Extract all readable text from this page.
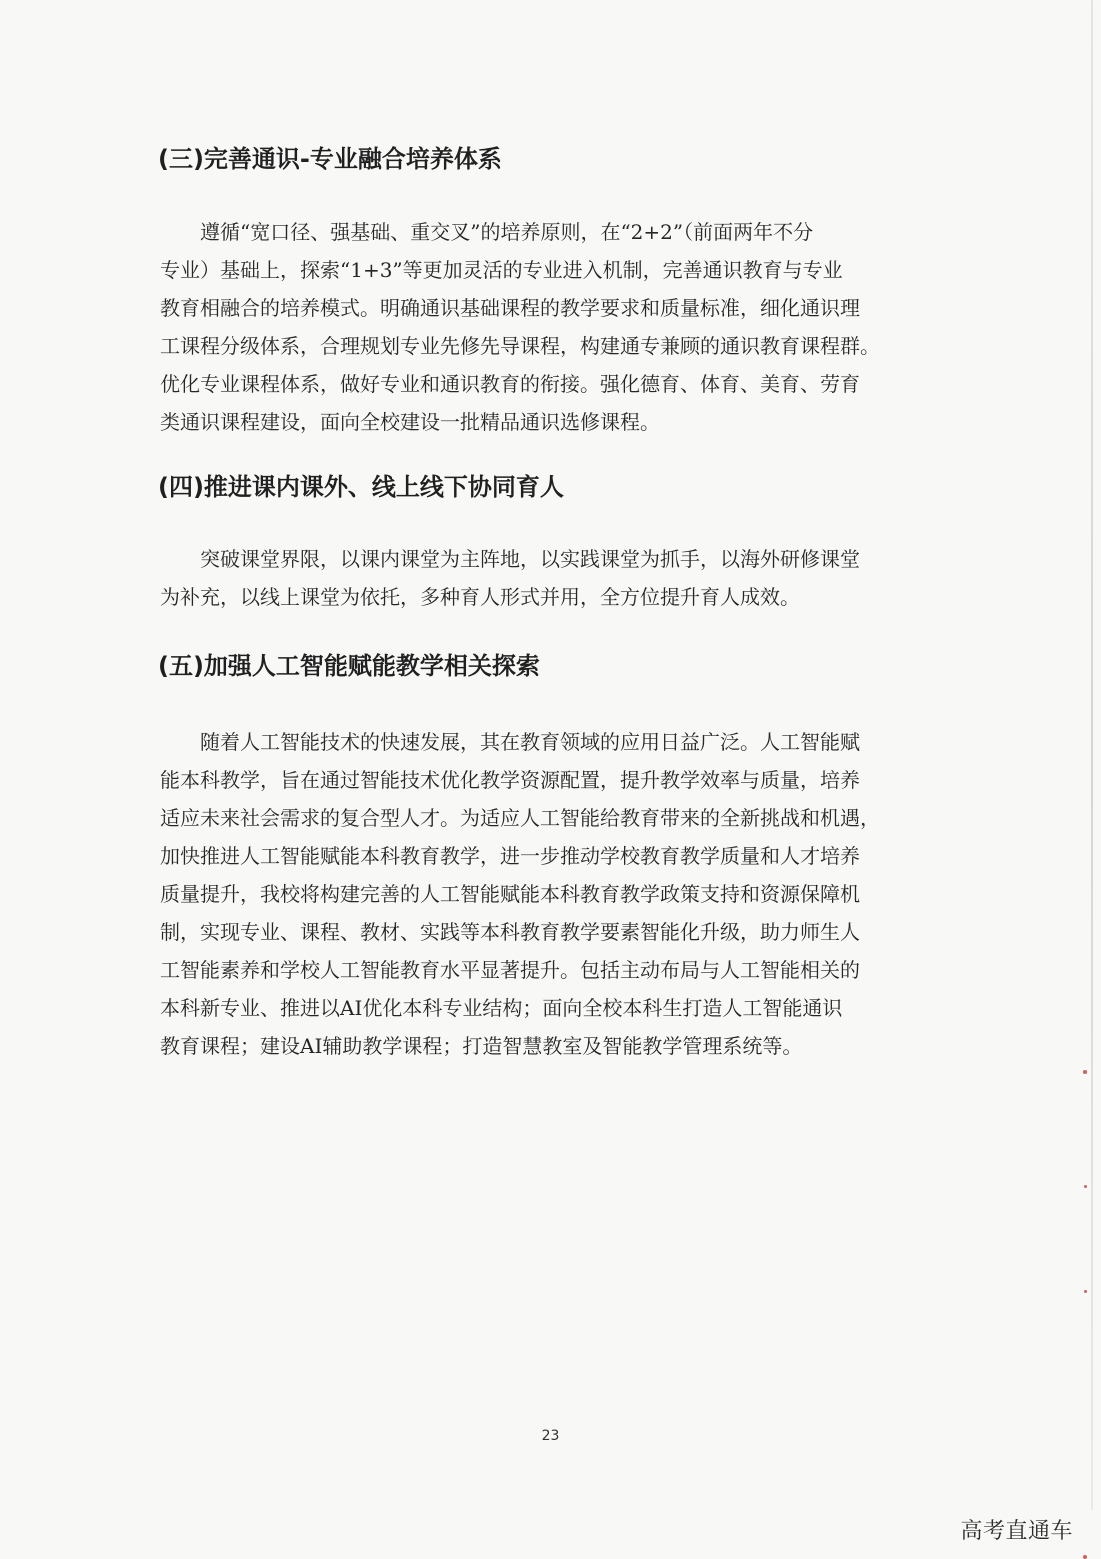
(三)完善通识-专业融合培养体系
遵循“宽口径、强基础、重交叉”的培养原则，在“2+2”（前面两年不分
专业）基础上，探索“1+3”等更加灵活的专业进入机制，完善通识教育与专业
教育相融合的培养模式。明确通识基础课程的教学要求和质量标准，细化通识理
工课程分级体系，合理规划专业先修先导课程，构建通专兼顾的通识教育课程群。
优化专业课程体系，做好专业和通识教育的衔接。强化德育、体育、美育、劳育
类通识课程建设，面向全校建设一批精品通识选修课程。
(四)推进课内课外、线上线下协同育人
突破课堂界限，以课内课堂为主阵地，以实践课堂为抓手，以海外研修课堂
为补充，以线上课堂为依托，多种育人形式并用，全方位提升育人成效。
(五)加强人工智能赋能教学相关探索
随着人工智能技术的快速发展，其在教育领域的应用日益广泛。人工智能赋
能本科教学，旨在通过智能技术优化教学资源配置，提升教学效率与质量，培养
适应未来社会需求的复合型人才。为适应人工智能给教育带来的全新挑战和机遇，
加快推进人工智能赋能本科教育教学，进一步推动学校教育教学质量和人才培养
质量提升，我校将构建完善的人工智能赋能本科教育教学政策支持和资源保障机
制，实现专业、课程、教材、实践等本科教育教学要素智能化升级，助力师生人
工智能素养和学校人工智能教育水平显著提升。包括主动布局与人工智能相关的
本科新专业、推进以AI优化本科专业结构；面向全校本科生打造人工智能通识
教育课程；建设AI辅助教学课程；打造智慧教室及智能教学管理系统等。
23
高考直通车
